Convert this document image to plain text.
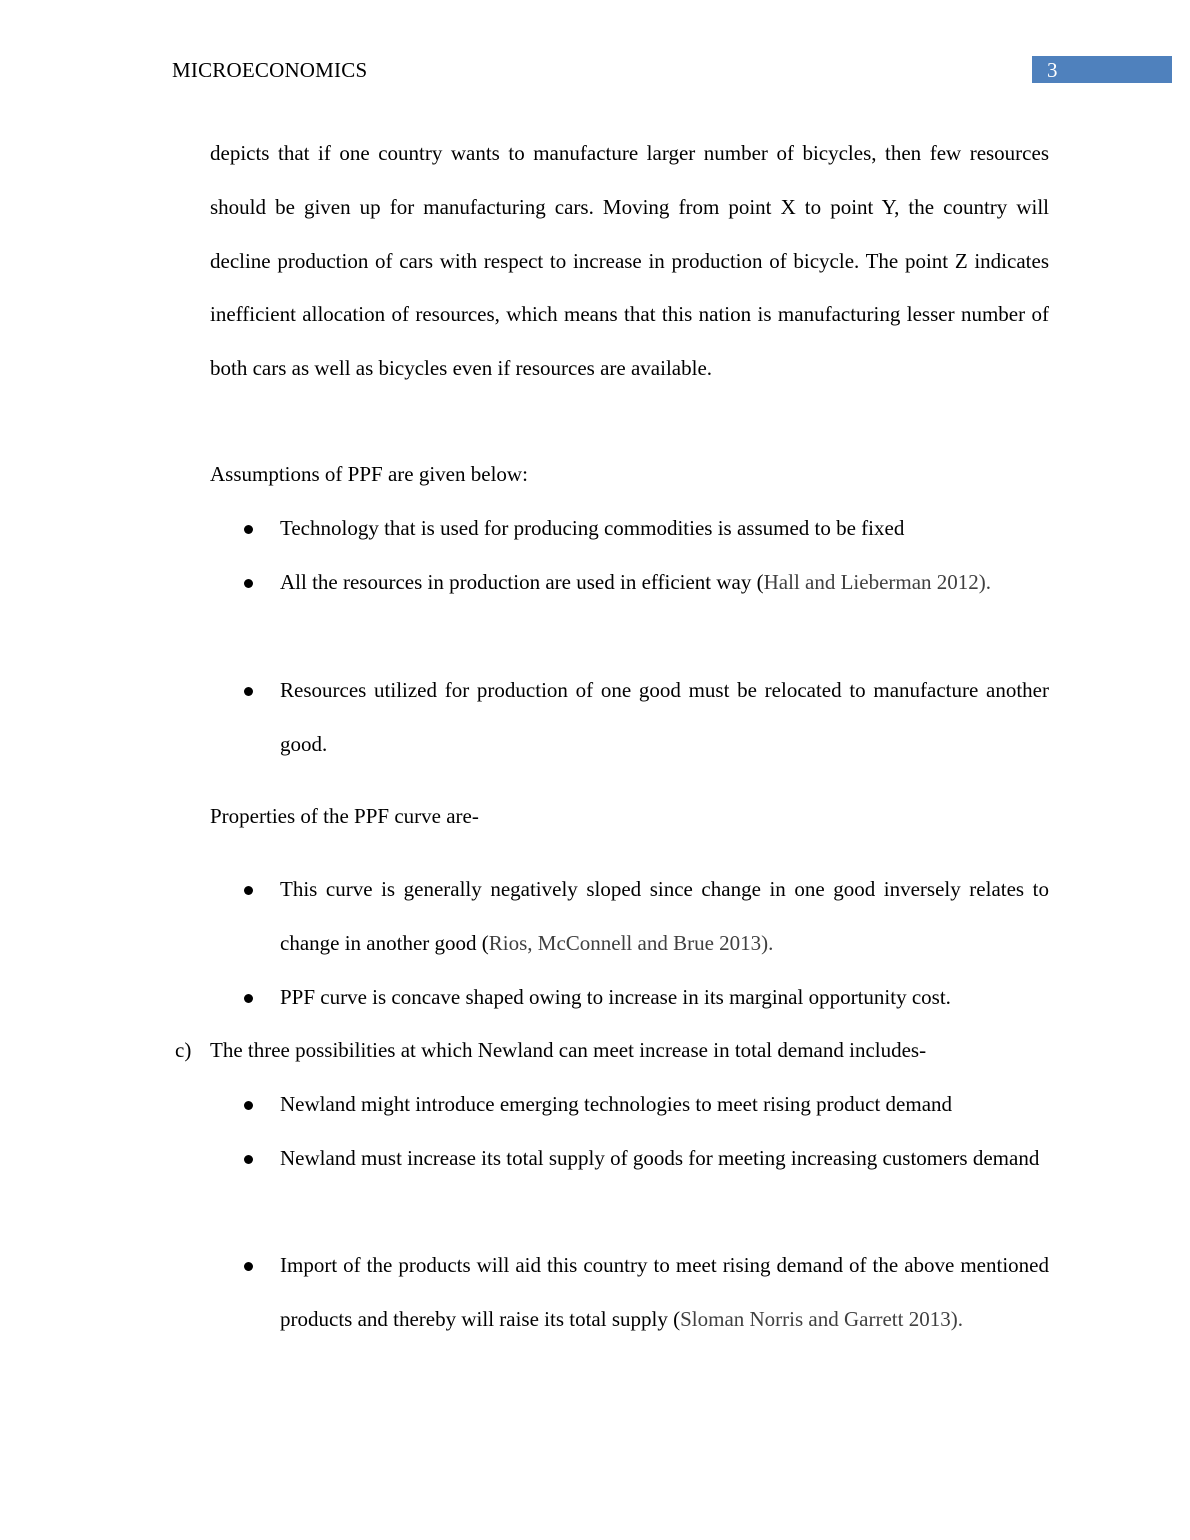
MICROECONOMICS	3
depicts that if one country wants to manufacture larger number of bicycles, then few resources should be given up for manufacturing cars. Moving from point X to point Y, the country will decline production of cars with respect to increase in production of bicycle. The point Z indicates inefficient allocation of resources, which means that this nation is manufacturing lesser number of both cars as well as bicycles even if resources are available.
Assumptions of PPF are given below:
Technology that is used for producing commodities is assumed to be fixed
All the resources in production are used in efficient way (Hall and Lieberman 2012).
Resources utilized for production of one good must be relocated to manufacture another good.
Properties of the PPF curve are-
This curve is generally negatively sloped since change in one good inversely relates to change in another good (Rios, McConnell and Brue 2013).
PPF curve is concave shaped owing to increase in its marginal opportunity cost.
c) The three possibilities at which Newland can meet increase in total demand includes-
Newland might introduce emerging technologies to meet rising product demand
Newland must increase its total supply of goods for meeting increasing customers demand
Import of the products will aid this country to meet rising demand of the above mentioned products and thereby will raise its total supply (Sloman Norris and Garrett 2013).
